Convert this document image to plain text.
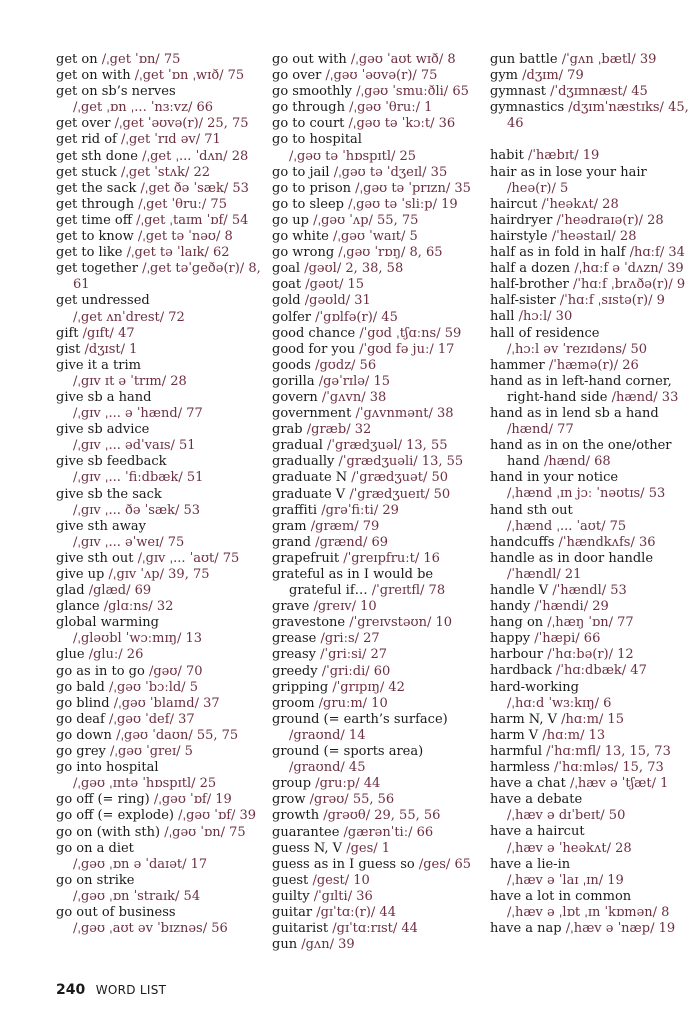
get on /ˌget ˈɒn/ 75
get on with /ˌget ˈɒn ˌwɪð/ 75
get on sb’s nerves
/ˌget ˌɒn ˌ... ˈnɜːvz/ 66
get over /ˌget ˈəʊvə(r)/ 25, 75
get rid of /ˌget ˈrɪd əv/ 71
get sth done /ˌget ˌ... ˈdʌn/ 28
get stuck /ˌget ˈstʌk/ 22
get the sack /ˌget ðə ˈsæk/ 53
get through /ˌget ˈθruː/ 75
get time off /ˌget ˌtaɪm ˈɒf/ 54
get to know /ˌget tə ˈnəʊ/ 8
get to like /ˌget tə ˈlaɪk/ 62
get together /ˌget təˈgeðə(r)/ 8,
61
get undressed
/ˌget ʌnˈdrest/ 72
gift /gɪft/ 47
gist /dʒɪst/ 1
give it a trim
/ˌgɪv ɪt ə ˈtrɪm/ 28
give sb a hand
/ˌgɪv ˌ... ə ˈhænd/ 77
give sb advice
/ˌgɪv ˌ... ədˈvaɪs/ 51
give sb feedback
/ˌgɪv ˌ... ˈfiːdbæk/ 51
give sb the sack
/ˌgɪv ˌ... ðə ˈsæk/ 53
give sth away
/ˌgɪv ˌ... əˈweɪ/ 75
give sth out /ˌgɪv ˌ... ˈaʊt/ 75
give up /ˌgɪv ˈʌp/ 39, 75
glad /glæd/ 69
glance /glɑːns/ 32
global warming
/ˌgləʊbl ˈwɔːmɪŋ/ 13
glue /gluː/ 26
go as in to go /gəʊ/ 70
go bald /ˌgəʊ ˈbɔːld/ 5
go blind /ˌgəʊ ˈblaɪnd/ 37
go deaf /ˌgəʊ ˈdef/ 37
go down /ˌgəʊ ˈdaʊn/ 55, 75
go grey /ˌgəʊ ˈgreɪ/ 5
go into hospital
/ˌgəʊ ˌɪntə ˈhɒspɪtl/ 25
go off (= ring) /ˌgəʊ ˈɒf/ 19
go off (= explode) /ˌgəʊ ˈɒf/ 39
go on (with sth) /ˌgəʊ ˈɒn/ 75
go on a diet
/ˌgəʊ ˌɒn ə ˈdaɪət/ 17
go on strike
/ˌgəʊ ˌɒn ˈstraɪk/ 54
go out of business
/ˌgəʊ ˌaʊt əv ˈbɪznəs/ 56
go out with /ˌgəʊ ˈaʊt wɪð/ 8
go over /ˌgəʊ ˈəʊvə(r)/ 75
go smoothly /ˌgəʊ ˈsmuːðli/ 65
go through /ˌgəʊ ˈθruː/ 1
go to court /ˌgəʊ tə ˈkɔːt/ 36
go to hospital
/ˌgəʊ tə ˈhɒspɪtl/ 25
go to jail /ˌgəʊ tə ˈdʒeɪl/ 35
go to prison /ˌgəʊ tə ˈprɪzn/ 35
go to sleep /ˌgəʊ tə ˈsliːp/ 19
go up /ˌgəʊ ˈʌp/ 55, 75
go white /ˌgəʊ ˈwaɪt/ 5
go wrong /ˌgəʊ ˈrɒŋ/ 8, 65
goal /gəʊl/ 2, 38, 58
goat /gəʊt/ 15
gold /gəʊld/ 31
golfer /ˈgɒlfə(r)/ 45
good chance /ˈgʊd ˌtʃɑːns/ 59
good for you /ˈgʊd fə juː/ 17
goods /gʊdz/ 56
gorilla /gəˈrɪlə/ 15
govern /ˈgʌvn/ 38
government /ˈgʌvnmənt/ 38
grab /græb/ 32
gradual /ˈgrædʒuəl/ 13, 55
gradually /ˈgrædʒuəli/ 13, 55
graduate N /ˈgrædʒuət/ 50
graduate V /ˈgrædʒueɪt/ 50
graffiti /grəˈfiːti/ 29
gram /græm/ 79
grand /grænd/ 69
grapefruit /ˈgreɪpfruːt/ 16
grateful as in I would be
grateful if… /ˈgreɪtfl/ 78
grave /greɪv/ 10
gravestone /ˈgreɪvstəʊn/ 10
grease /griːs/ 27
greasy /ˈgriːsi/ 27
greedy /ˈgriːdi/ 60
gripping /ˈgrɪpɪŋ/ 42
groom /gruːm/ 10
ground (= earth’s surface)
/graʊnd/ 14
ground (= sports area)
/graʊnd/ 45
group /gruːp/ 44
grow /grəʊ/ 55, 56
growth /grəʊθ/ 29, 55, 56
guarantee /gærənˈtiː/ 66
guess N, V /ges/ 1
guess as in I guess so /ges/ 65
guest /gest/ 10
guilty /ˈgɪlti/ 36
guitar /gɪˈtɑː(r)/ 44
guitarist /gɪˈtɑːrɪst/ 44
gun /gʌn/ 39
gun battle /ˈgʌn ˌbætl/ 39
gym /dʒɪm/ 79
gymnast /ˈdʒɪmnæst/ 45
gymnastics /dʒɪmˈnæstɪks/ 45,
46
habit /ˈhæbɪt/ 19
hair as in lose your hair
/heə(r)/ 5
haircut /ˈheəkʌt/ 28
hairdryer /ˈheədraɪə(r)/ 28
hairstyle /ˈheəstaɪl/ 28
half as in fold in half /hɑːf/ 34
half a dozen /ˌhɑːf ə ˈdʌzn/ 39
half-brother /ˈhɑːf ˌbrʌðə(r)/ 9
half-sister /ˈhɑːf ˌsɪstə(r)/ 9
hall /hɔːl/ 30
hall of residence
/ˌhɔːl əv ˈrezɪdəns/ 50
hammer /ˈhæmə(r)/ 26
hand as in left-hand corner,
right-hand side /hænd/ 33
hand as in lend sb a hand
/hænd/ 77
hand as in on the one/other
hand /hænd/ 68
hand in your notice
/ˌhænd ˌɪn jɔː ˈnəʊtɪs/ 53
hand sth out
/ˌhænd ˌ... ˈaʊt/ 75
handcuffs /ˈhændkʌfs/ 36
handle as in door handle
/ˈhændl/ 21
handle V /ˈhændl/ 53
handy /ˈhændi/ 29
hang on /ˌhæŋ ˈɒn/ 77
happy /ˈhæpi/ 66
harbour /ˈhɑːbə(r)/ 12
hardback /ˈhɑːdbæk/ 47
hard-working
/ˌhɑːd ˈwɜːkɪŋ/ 6
harm N, V /hɑːm/ 15
harm V /hɑːm/ 13
harmful /ˈhɑːmfl/ 13, 15, 73
harmless /ˈhɑːmləs/ 15, 73
have a chat /ˌhæv ə ˈtʃæt/ 1
have a debate
/ˌhæv ə dɪˈbeɪt/ 50
have a haircut
/ˌhæv ə ˈheəkʌt/ 28
have a lie-in
/ˌhæv ə ˈlaɪ ˌɪn/ 19
have a lot in common
/ˌhæv ə ˌlɒt ˌɪn ˈkɒmən/ 8
have a nap /ˌhæv ə ˈnæp/ 19
240 WORD LIST
